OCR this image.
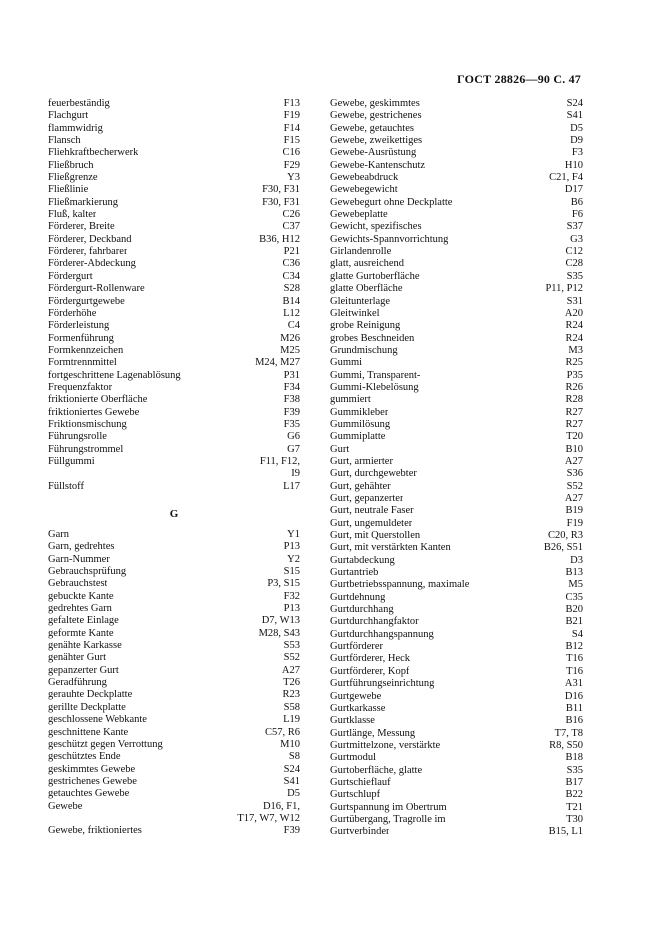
ГОСТ 28826—90 С. 47
feuerbeständig	F13
Flachgurt	F19
flammwidrig	F14
Flansch	F15
Fliehkraftbecherwerk	C16
Fließbruch	F29
Fließgrenze	Y3
Fließlinie	F30, F31
Fließmarkierung	F30, F31
Fluß, kalter	C26
Förderer, Breite	C37
Förderer, Deckband	B36, H12
Förderer, fahrbarer	P21
Förderer-Abdeckung	C36
Fördergurt	C34
Fördergurt-Rollenware	S28
Fördergurtgewebe	B14
Förderhöhe	L12
Förderleistung	C4
Formenführung	M26
Formkennzeichen	M25
Formtrennmittel	M24, M27
fortgeschrittene Lagenablösung	P31
Frequenzfaktor	F34
friktionierte Oberfläche	F38
friktioniertes Gewebe	F39
Friktionsmischung	F35
Führungsrolle	G6
Führungstrommel	G7
Füllgummi	F11, F12,
I9
Füllstoff	L17
G
Garn	Y1
Garn, gedrehtes	P13
Garn-Nummer	Y2
Gebrauchsprüfung	S15
Gebrauchstest	P3, S15
gebuckte Kante	F32
gedrehtes Garn	P13
gefaltete Einlage	D7, W13
geformte Kante	M28, S43
genähte Karkasse	S53
genähter Gurt	S52
gepanzerter Gurt	A27
Geradführung	T26
gerauhte Deckplatte	R23
gerillte Deckplatte	S58
geschlossene Webkante	L19
geschnittene Kante	C57, R6
geschützt gegen Verrottung	M10
geschütztes Ende	S8
geskimmtes Gewebe	S24
gestrichenes Gewebe	S41
getauchtes Gewebe	D5
Gewebe	D16, F1,
T17, W7, W12
Gewebe, friktioniertes	F39
Gewebe, geskimmtes	S24
Gewebe, gestrichenes	S41
Gewebe, getauchtes	D5
Gewebe, zweikettiges	D9
Gewebe-Ausrüstung	F3
Gewebe-Kantenschutz	H10
Gewebeabdruck	C21, F4
Gewebegewicht	D17
Gewebegurt ohne Deckplatte	B6
Gewebeplatte	F6
Gewicht, spezifisches	S37
Gewichts-Spannvorrichtung	G3
Girlandenrolle	C12
glatt, ausreichend	C28
glatte Gurtoberfläche	S35
glatte Oberfläche	P11, P12
Gleitunterlage	S31
Gleitwinkel	A20
grobe Reinigung	R24
grobes Beschneiden	R24
Grundmischung	M3
Gummi	R25
Gummi, Transparent-	P35
Gummi-Klebelösung	R26
gummiert	R28
Gummikleber	R27
Gummilösung	R27
Gummiplatte	T20
Gurt	B10
Gurt, armierter	A27
Gurt, durchgewebter	S36
Gurt, gehähter	S52
Gurt, gepanzerter	A27
Gurt, neutrale Faser	B19
Gurt, ungemuldeter	F19
Gurt, mit Querstollen	C20, R3
Gurt, mit verstärkten Kanten	B26, S51
Gurtabdeckung	D3
Gurtantrieb	B13
Gurtbetriebsspannung, maximale	M5
Gurtdehnung	C35
Gurtdurchhang	B20
Gurtdurchhangfaktor	B21
Gurtdurchhangspannung	S4
Gurtförderer	B12
Gurtförderer, Heck	T16
Gurtförderer, Kopf	T16
Gurtführungseinrichtung	A31
Gurtgewebe	D16
Gurtkarkasse	B11
Gurtklasse	B16
Gurtlänge, Messung	T7, T8
Gurtmittelzone, verstärkte	R8, S50
Gurtmodul	B18
Gurtoberfläche, glatte	S35
Gurtschieflauf	B17
Gurtschlupf	B22
Gurtspannung im Obertrum	T21
Gurtübergang, Tragrolle im	T30
Gurtverbinder	B15, L1
